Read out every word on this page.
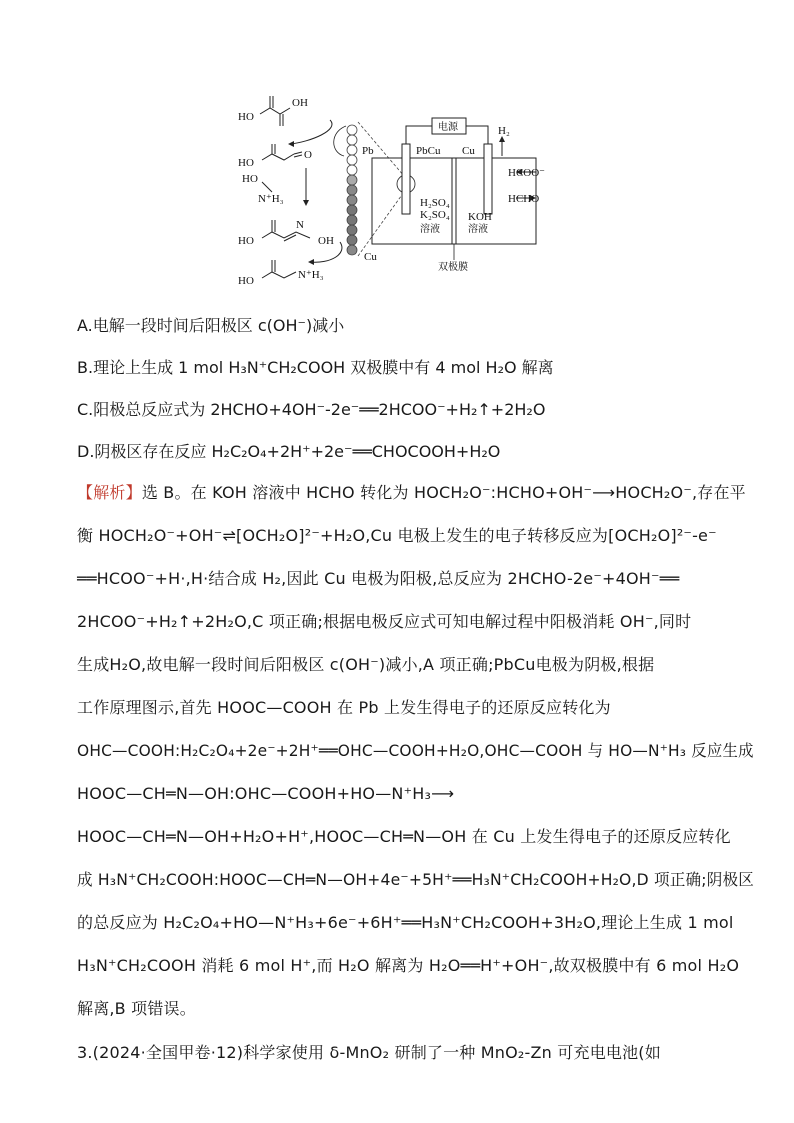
HO
OH
HO
O
HO
N⁺H₃
HO
N
OH
HO	N⁺H₃
Pb
Cu
电源
PbCu Cu
H₂
HCOO⁻
HCHO
H₂SO₄
K₂SO₄
溶液
KOH
溶液
双极膜
A.电解一段时间后阳极区 c(OH⁻)减小
B.理论上生成 1 mol H₃N⁺CH₂COOH 双极膜中有 4 mol H₂O 解离
C.阳极总反应式为 2HCHO+4OH⁻-2e⁻══2HCOO⁻+H₂↑+2H₂O
D.阴极区存在反应 H₂C₂O₄+2H⁺+2e⁻══CHOCOOH+H₂O
【解析】选 B。在 KOH 溶液中 HCHO 转化为 HOCH₂O⁻:HCHO+OH⁻⟶HOCH₂O⁻,存在平
衡 HOCH₂O⁻+OH⁻⇌[OCH₂O]²⁻+H₂O,Cu 电极上发生的电子转移反应为[OCH₂O]²⁻-e⁻
══HCOO⁻+H·,H·结合成 H₂,因此 Cu 电极为阳极,总反应为 2HCHO-2e⁻+4OH⁻══
2HCOO⁻+H₂↑+2H₂O,C 项正确;根据电极反应式可知电解过程中阳极消耗 OH⁻,同时
生成H₂O,故电解一段时间后阳极区 c(OH⁻)减小,A 项正确;PbCu电极为阴极,根据
工作原理图示,首先 HOOC—COOH 在 Pb 上发生得电子的还原反应转化为
OHC—COOH:H₂C₂O₄+2e⁻+2H⁺══OHC—COOH+H₂O,OHC—COOH 与 HO—N⁺H₃ 反应生成
HOOC—CH═N—OH:OHC—COOH+HO—N⁺H₃⟶
HOOC—CH═N—OH+H₂O+H⁺,HOOC—CH═N—OH 在 Cu 上发生得电子的还原反应转化
成 H₃N⁺CH₂COOH:HOOC—CH═N—OH+4e⁻+5H⁺══H₃N⁺CH₂COOH+H₂O,D 项正确;阴极区
的总反应为 H₂C₂O₄+HO—N⁺H₃+6e⁻+6H⁺══H₃N⁺CH₂COOH+3H₂O,理论上生成 1 mol
H₃N⁺CH₂COOH 消耗 6 mol H⁺,而 H₂O 解离为 H₂O══H⁺+OH⁻,故双极膜中有 6 mol H₂O
解离,B 项错误。
3.(2024·全国甲卷·12)科学家使用 δ-MnO₂ 研制了一种 MnO₂-Zn 可充电电池(如
